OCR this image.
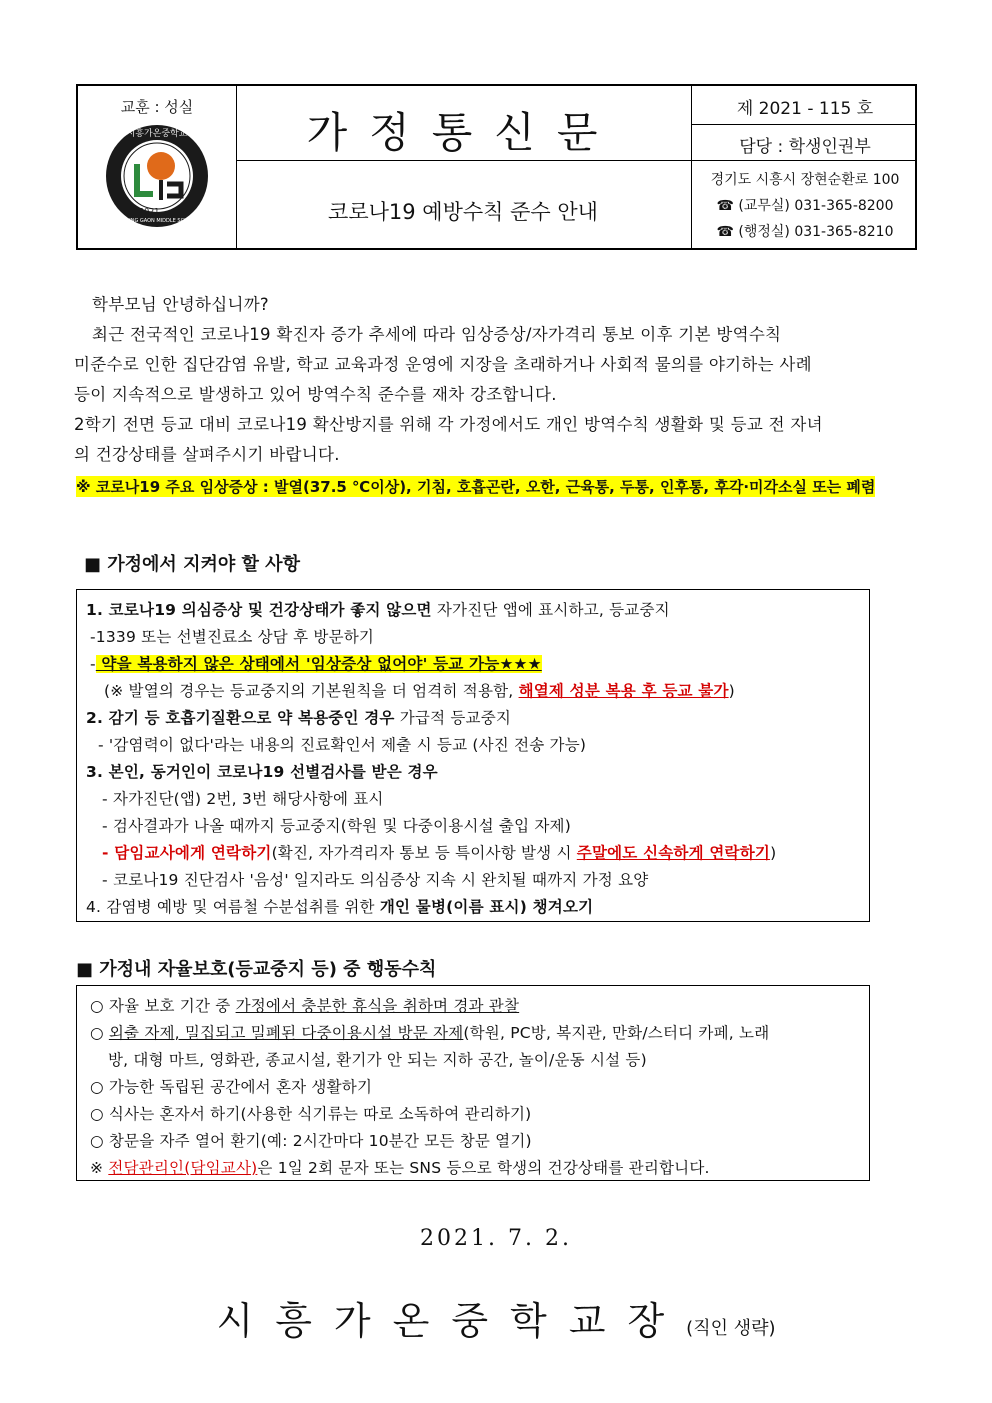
교훈 : 성실
2021
시흥가온중학교
SIHEUNG GAON MIDDLE SCHOOL
가정통신문
코로나19 예방수칙 준수 안내
제 2021 - 115 호
담당 : 학생인권부
경기도 시흥시 장현순환로 100
☎ (교무실) 031-365-8200
☎ (행정실) 031-365-8210
학부모님 안녕하십니까?
최근 전국적인 코로나19 확진자 증가 추세에 따라 임상증상/자가격리 통보 이후 기본 방역수칙
미준수로 인한 집단감염 유발, 학교 교육과정 운영에 지장을 초래하거나 사회적 물의를 야기하는 사례
등이 지속적으로 발생하고 있어 방역수칙 준수를 재차 강조합니다.
2학기 전면 등교 대비 코로나19 확산방지를 위해 각 가정에서도 개인 방역수칙 생활화 및 등교 전 자녀
의 건강상태를 살펴주시기 바랍니다.
※ 코로나19 주요 임상증상 : 발열(37.5 ℃이상), 기침, 호흡곤란, 오한, 근육통, 두통, 인후통, 후각·미각소실 또는 폐렴
■ 가정에서 지켜야 할 사항
1. 코로나19 의심증상 및 건강상태가 좋지 않으면 자가진단 앱에 표시하고, 등교중지
-1339 또는 선별진료소 상담 후 방문하기
- 약을 복용하지 않은 상태에서 '임상증상 없어야' 등교 가능★★★
(※ 발열의 경우는 등교중지의 기본원칙을 더 엄격히 적용함, 해열제 성분 복용 후 등교 불가)
2. 감기 등 호흡기질환으로 약 복용중인 경우 가급적 등교중지
- '감염력이 없다'라는 내용의 진료확인서 제출 시 등교 (사진 전송 가능)
3. 본인, 동거인이 코로나19 선별검사를 받은 경우
- 자가진단(앱) 2번, 3번 해당사항에 표시
- 검사결과가 나올 때까지 등교중지(학원 및 다중이용시설 출입 자제)
- 담임교사에게 연락하기(확진, 자가격리자 통보 등 특이사항 발생 시 주말에도 신속하게 연락하기)
- 코로나19 진단검사 '음성' 일지라도 의심증상 지속 시 완치될 때까지 가정 요양
4. 감염병 예방 및 여름철 수분섭취를 위한 개인 물병(이름 표시) 챙겨오기
■ 가정내 자율보호(등교중지 등) 중 행동수칙
○ 자율 보호 기간 중 가정에서 충분한 휴식을 취하며 경과 관찰
○ 외출 자제, 밀집되고 밀폐된 다중이용시설 방문 자제(학원, PC방, 복지관, 만화/스터디 카페, 노래
방, 대형 마트, 영화관, 종교시설, 환기가 안 되는 지하 공간, 놀이/운동 시설 등)
○ 가능한 독립된 공간에서 혼자 생활하기
○ 식사는 혼자서 하기(사용한 식기류는 따로 소독하여 관리하기)
○ 창문을 자주 열어 환기(예: 2시간마다 10분간 모든 창문 열기)
※ 전담관리인(담임교사)은 1일 2회 문자 또는 SNS 등으로 학생의 건강상태를 관리합니다.
2021. 7. 2.
시흥가온중학교장(직인 생략)
